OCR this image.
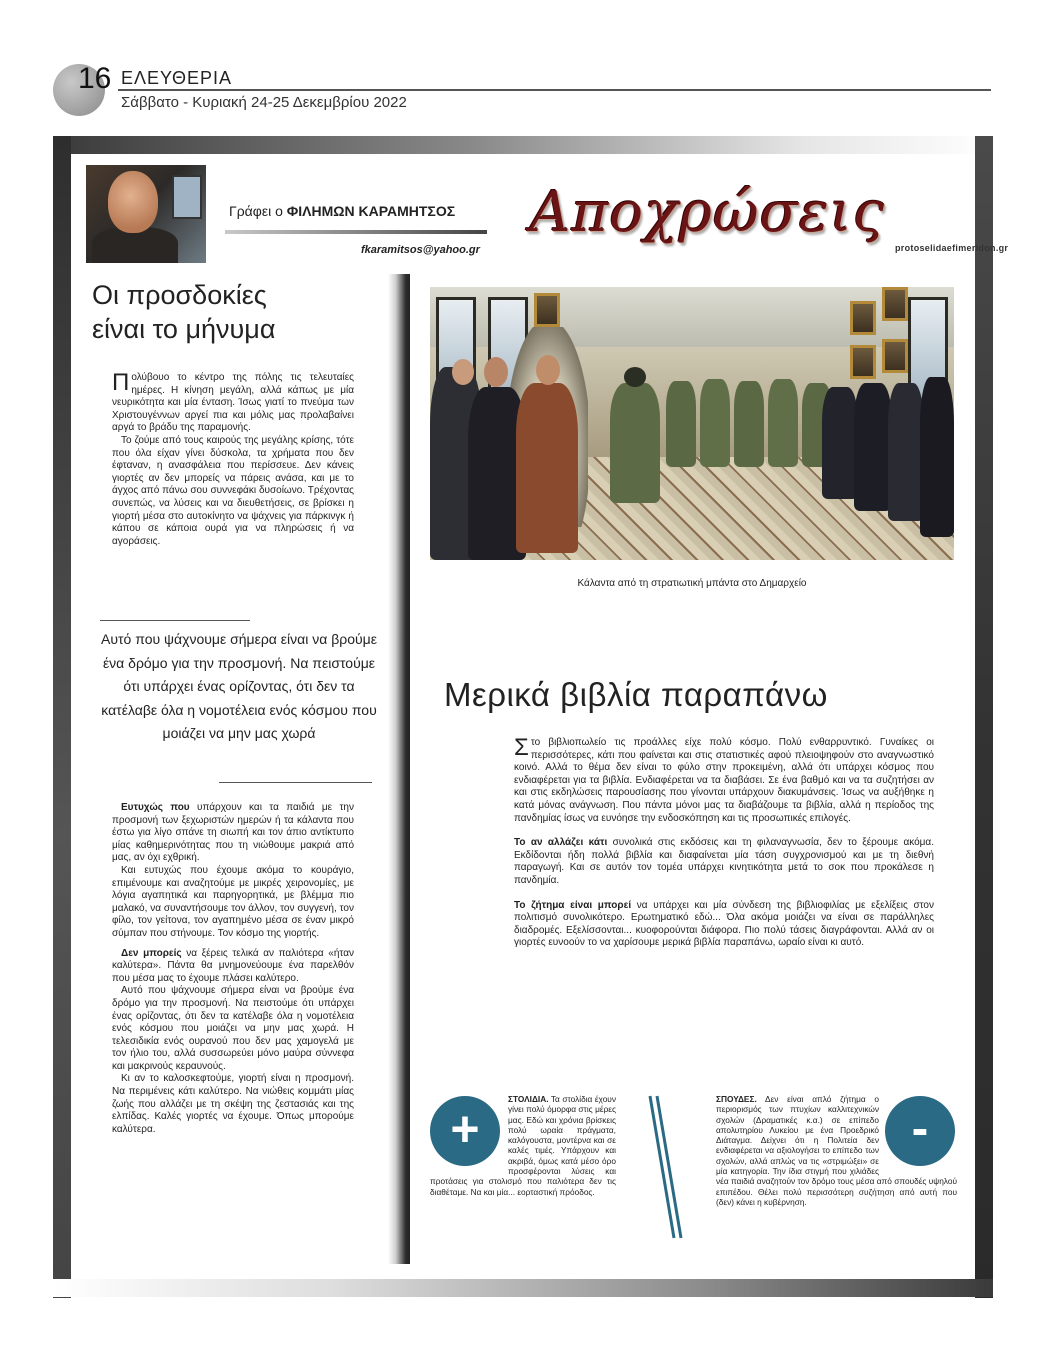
16 ΕΛΕΥΘΕΡΙΑ
Σάββατο - Κυριακή 24-25 Δεκεμβρίου 2022
Γράφει ο ΦΙΛΗΜΩΝ ΚΑΡΑΜΗΤΣΟΣ
fkaramitsos@yahoo.gr
Αποχρώσεις
protoselidaefimeridon.gr
Οι προσδοκίες
είναι το μήνυμα

Πολύβουο το κέντρο της πόλης τις τελευταίες ημέρες. Η κίνηση μεγάλη, αλλά κάπως με μία νευρικότητα και μία ένταση. Ίσως γιατί το πνεύμα των Χριστουγέννων αργεί πια και μόλις μας προλαβαίνει αργά το βράδυ της παραμονής.

Το ζούμε από τους καιρούς της μεγάλης κρίσης, τότε που όλα είχαν γίνει δύσκολα, τα χρήματα που δεν έφταναν, η ανασφάλεια που περίσσευε. Δεν κάνεις γιορτές αν δεν μπορείς να πάρεις ανάσα, και με το άγχος από πάνω σου συννεφάκι δυσοίωνο. Τρέχοντας συνεπώς, να λύσεις και να διευθετήσεις, σε βρίσκει η γιορτή μέσα στο αυτοκίνητο να ψάχνεις για πάρκινγκ ή κάπου σε κάποια ουρά για να πληρώσεις ή να αγοράσεις.

Αυτό που ψάχνουμε σήμερα είναι να βρούμε ένα δρόμο για την προσμονή. Να πειστούμε ότι υπάρχει ένας ορίζοντας, ότι δεν τα κατέλαβε όλα η νομοτέλεια ενός κόσμου που μοιάζει να μην μας χωρά

Ευτυχώς που υπάρχουν και τα παιδιά με την προσμονή των ξεχωριστών ημερών ή τα κάλαντα που έστω για λίγο σπάνε τη σιωπή και τον άπιο αντίκτυπο μίας καθημερινότητας που τη νιώθουμε μακριά από μας, αν όχι εχθρική.

Και ευτυχώς που έχουμε ακόμα το κουράγιο, επιμένουμε και αναζητούμε με μικρές χειρονομίες, με λόγια αγαπητικά και παρηγορητικά, με βλέμμα πιο μαλακό, να συναντήσουμε τον άλλον, τον συγγενή, τον φίλο, τον γείτονα, τον αγαπημένο μέσα σε έναν μικρό σύμπαν που στήνουμε. Τον κόσμο της γιορτής.

Δεν μπορείς να ξέρεις τελικά αν παλιότερα «ήταν καλύτερα». Πάντα θα μνημονεύουμε ένα παρελθόν που μέσα μας το έχουμε πλάσει καλύτερο.

Αυτό που ψάχνουμε σήμερα είναι να βρούμε ένα δρόμο για την προσμονή. Να πειστούμε ότι υπάρχει ένας ορίζοντας, ότι δεν τα κατέλαβε όλα η νομοτέλεια ενός κόσμου που μοιάζει να μην μας χωρά. Η τελεσιδικία ενός ουρανού που δεν μας χαμογελά με τον ήλιο του, αλλά συσσωρεύει μόνο μαύρα σύννεφα και μακρινούς κεραυνούς.

Κι αν το καλοσκεφτούμε, γιορτή είναι η προσμονή. Να περιμένεις κάτι καλύτερο. Να νιώθεις κομμάτι μίας ζωής που αλλάζει με τη σκέψη της ζεστασιάς και της ελπίδας. Καλές γιορτές να έχουμε. Όπως μπορούμε καλύτερα.

Κάλαντα από τη στρατιωτική μπάντα στο Δημαρχείο
Μερικά βιβλία παραπάνω

Στο βιβλιοπωλείο τις προάλλες είχε πολύ κόσμο. Πολύ ενθαρρυντικό. Γυναίκες οι περισσότερες, κάτι που φαίνεται και στις στατιστικές αφού πλειοψηφούν στο αναγνωστικό κοινό. Αλλά το θέμα δεν είναι το φύλο στην προκειμένη, αλλά ότι υπάρχει κόσμος που ενδιαφέρεται για τα βιβλία. Ενδιαφέρεται να τα διαβάσει. Σε ένα βαθμό και να τα συζητήσει αν και στις εκδηλώσεις παρουσίασης που γίνονται υπάρχουν διακυμάνσεις. Ίσως να αυξήθηκε η κατά μόνας ανάγνωση. Που πάντα μόνοι μας τα διαβάζουμε τα βιβλία, αλλά η περίοδος της πανδημίας ίσως να ευνόησε την ενδοσκόπηση και τις προσωπικές επιλογές.

Το αν αλλάζει κάτι συνολικά στις εκδόσεις και τη φιλαναγνωσία, δεν το ξέρουμε ακόμα. Εκδίδονται ήδη πολλά βιβλία και διαφαίνεται μία τάση συγχρονισμού και με τη διεθνή παραγωγή. Και σε αυτόν τον τομέα υπάρχει κινητικότητα μετά το σοκ που προκάλεσε η πανδημία.

Το ζήτημα είναι μπορεί να υπάρχει και μία σύνδεση της βιβλιοφιλίας με εξελίξεις στον πολιτισμό συνολικότερο. Ερωτηματικό εδώ... Όλα ακόμα μοιάζει να είναι σε παράλληλες διαδρομές. Εξελίσσονται... κυοφορούνται διάφορα. Πιο πολύ τάσεις διαγράφονται. Αλλά αν οι γιορτές ευνοούν το να χαρίσουμε μερικά βιβλία παραπάνω, ωραίο είναι κι αυτό.

ΣΤΟΛΙΔΙΑ. Τα στολίδια έχουν γίνει πολύ όμορφα στις μέρες μας. Εδώ και χρόνια βρίσκεις πολύ ωραία πράγματα, καλόγουστα, μοντέρνα και σε καλές τιμές. Υπάρχουν και ακριβά, όμως κατά μέσο όρο προσφέρονται λύσεις και προτάσεις για στολισμό που παλιότερα δεν τις διαθέταμε. Να και μία... εορταστική πρόοδος.
+
ΣΠΟΥΔΕΣ. Δεν είναι απλό ζήτημα ο περιορισμός των πτυχίων καλλιτεχνικών σχολών (Δραματικές κ.α.) σε επίπεδο απολυτηρίου Λυκείου με ένα Προεδρικό Διάταγμα. Δείχνει ότι η Πολιτεία δεν ενδιαφέρεται να αξιολογήσει το επίπεδο των σχολών, αλλά απλώς να τις «στριμώξει» σε μία κατηγορία. Την ίδια στιγμή που χιλιάδες νέα παιδιά αναζητούν τον δρόμο τους μέσα από σπουδές υψηλού επιπέδου. Θέλει πολύ περισσότερη συζήτηση από αυτή που (δεν) κάνει η κυβέρνηση.
-
